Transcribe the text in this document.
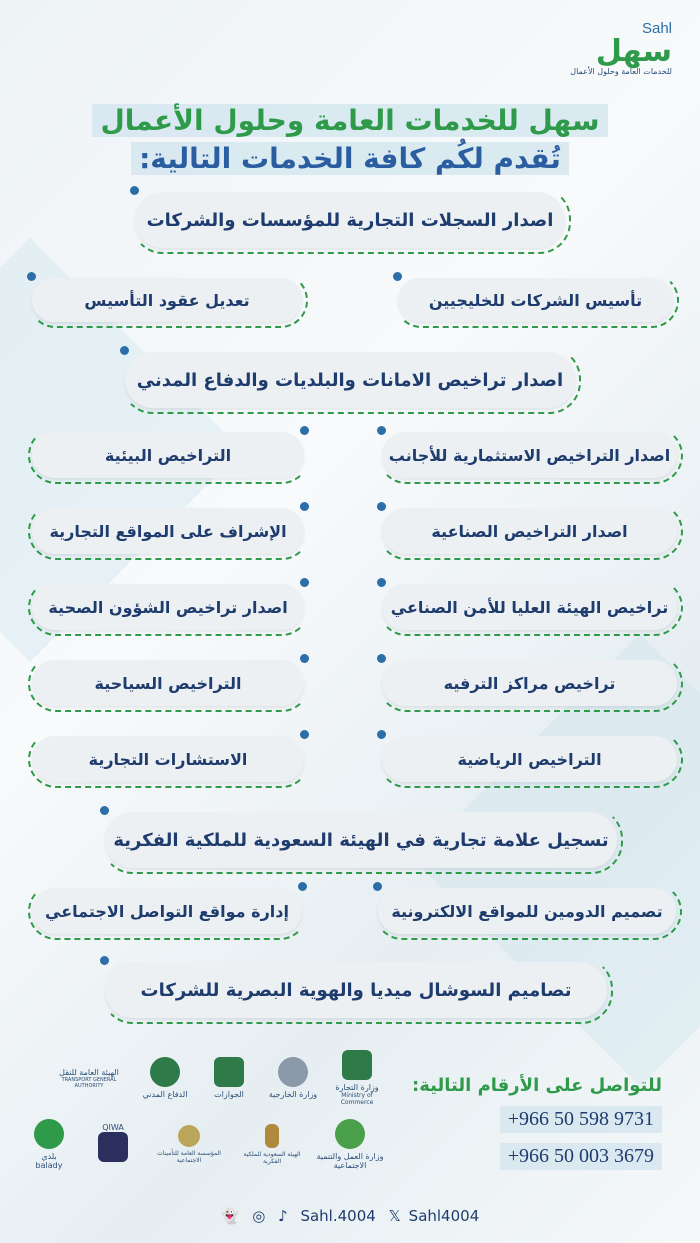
Sahl
سهل
للخدمات العامة وحلول الأعمال
سهل للخدمات العامة وحلول الأعمال
تُقدم لكُم كافة الخدمات التالية:
اصدار السجلات التجارية للمؤسسات والشركات
تعديل عقود التأسيس	تأسيس الشركات للخليجيين
اصدار تراخيص الامانات والبلديات والدفاع المدني
التراخيص البيئية
الإشراف على المواقع التجارية
اصدار تراخيص الشؤون الصحية
التراخيص السياحية
الاستشارات التجارية
اصدار التراخيص الاستثمارية للأجانب
اصدار التراخيص الصناعية
تراخيص الهيئة العليا للأمن الصناعي
تراخيص مراكز الترفيه
التراخيص الرياضية
تسجيل علامة تجارية في الهيئة السعودية للملكية الفكرية
إدارة مواقع التواصل الاجتماعي	تصميم الدومين للمواقع الالكترونية
تصاميم السوشال ميديا والهوية البصرية للشركات
الهيئة العامة للنقل
TRANSPORT GENERAL AUTHORITY
الدفاع المدني	الجوازات	وزارة الخارجية
وزارة التجارة
Ministry of Commerce
بلدي
balady
QIWA
المؤسسة العامة للتأمينات الاجتماعية
الهيئة السعودية للملكية الفكرية
وزارة العمل والتنمية الاجتماعية
للتواصل على الأرقام التالية:
+966 50 598 9731
+966 50 003 3679
👻 ◎ ♪ Sahl.4004 𝕏 Sahl4004
